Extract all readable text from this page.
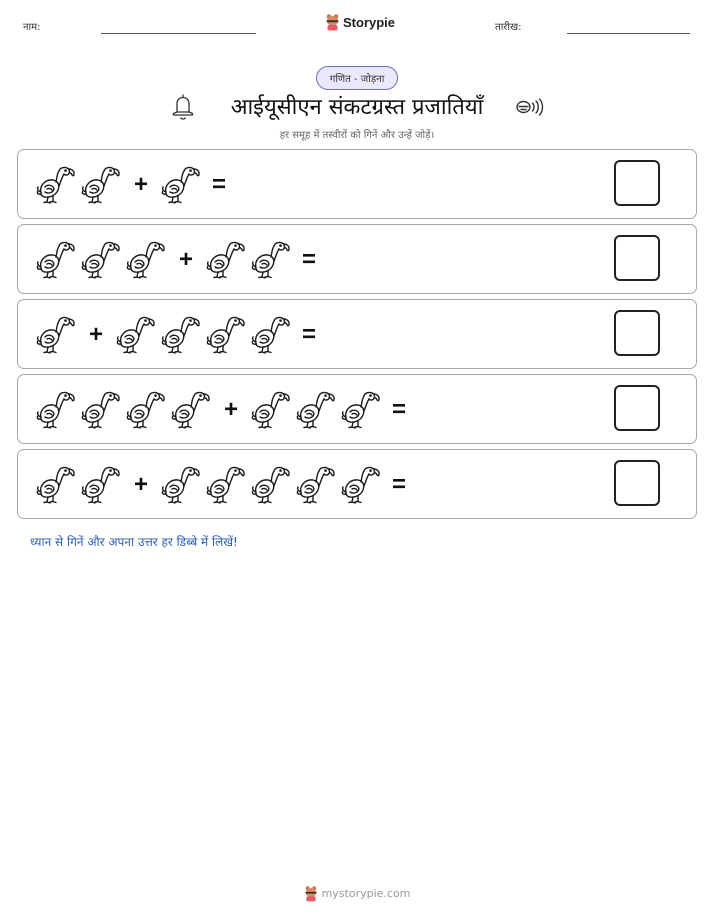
नाम:	Storypie	तारीख:
गणित - जोड़ना
आईयूसीएन संकटग्रस्त प्रजातियाँ
हर समूह में तस्वीरों को गिनें और उन्हें जोड़ें।
+	=
+	=
+	=
+	=
+	=
ध्यान से गिनें और अपना उत्तर हर डिब्बे में लिखें!
mystorypie.com
